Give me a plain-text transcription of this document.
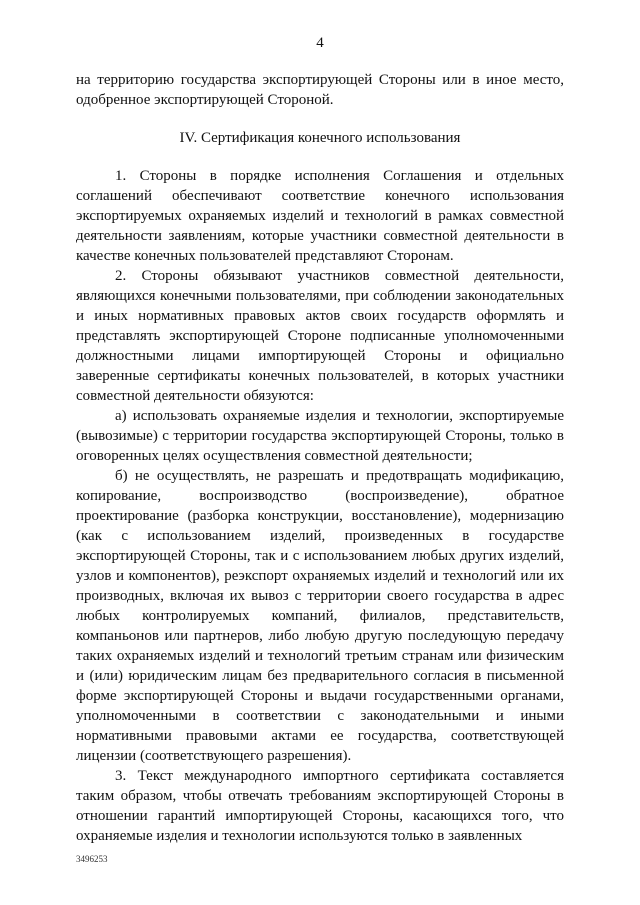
4

на территорию государства экспортирующей Стороны или в иное место, одобренное экспортирующей Стороной.

IV. Сертификация конечного использования

1. Стороны в порядке исполнения Соглашения и отдельных соглашений обеспечивают соответствие конечного использования экспортируемых охраняемых изделий и технологий в рамках совместной деятельности заявлениям, которые участники совместной деятельности в качестве конечных пользователей представляют Сторонам.

2. Стороны обязывают участников совместной деятельности, являющихся конечными пользователями, при соблюдении законодательных и иных нормативных правовых актов своих государств оформлять и представлять экспортирующей Стороне подписанные уполномоченными должностными лицами импортирующей Стороны и официально заверенные сертификаты конечных пользователей, в которых участники совместной деятельности обязуются:

а) использовать охраняемые изделия и технологии, экспортируемые (вывозимые) с территории государства экспортирующей Стороны, только в оговоренных целях осуществления совместной деятельности;

б) не осуществлять, не разрешать и предотвращать модификацию, копирование, воспроизводство (воспроизведение), обратное проектирование (разборка конструкции, восстановление), модернизацию (как с использованием изделий, произведенных в государстве экспортирующей Стороны, так и с использованием любых других изделий, узлов и компонентов), реэкспорт охраняемых изделий и технологий или их производных, включая их вывоз с территории своего государства в адрес любых контролируемых компаний, филиалов, представительств, компаньонов или партнеров, либо любую другую последующую передачу таких охраняемых изделий и технологий третьим странам или физическим и (или) юридическим лицам без предварительного согласия в письменной форме экспортирующей Стороны и выдачи государственными органами, уполномоченными в соответствии с законодательными и иными нормативными правовыми актами ее государства, соответствующей лицензии (соответствующего разрешения).

3. Текст международного импортного сертификата составляется таким образом, чтобы отвечать требованиям экспортирующей Стороны в отношении гарантий импортирующей Стороны, касающихся того, что охраняемые изделия и технологии используются только в заявленных

3496253
